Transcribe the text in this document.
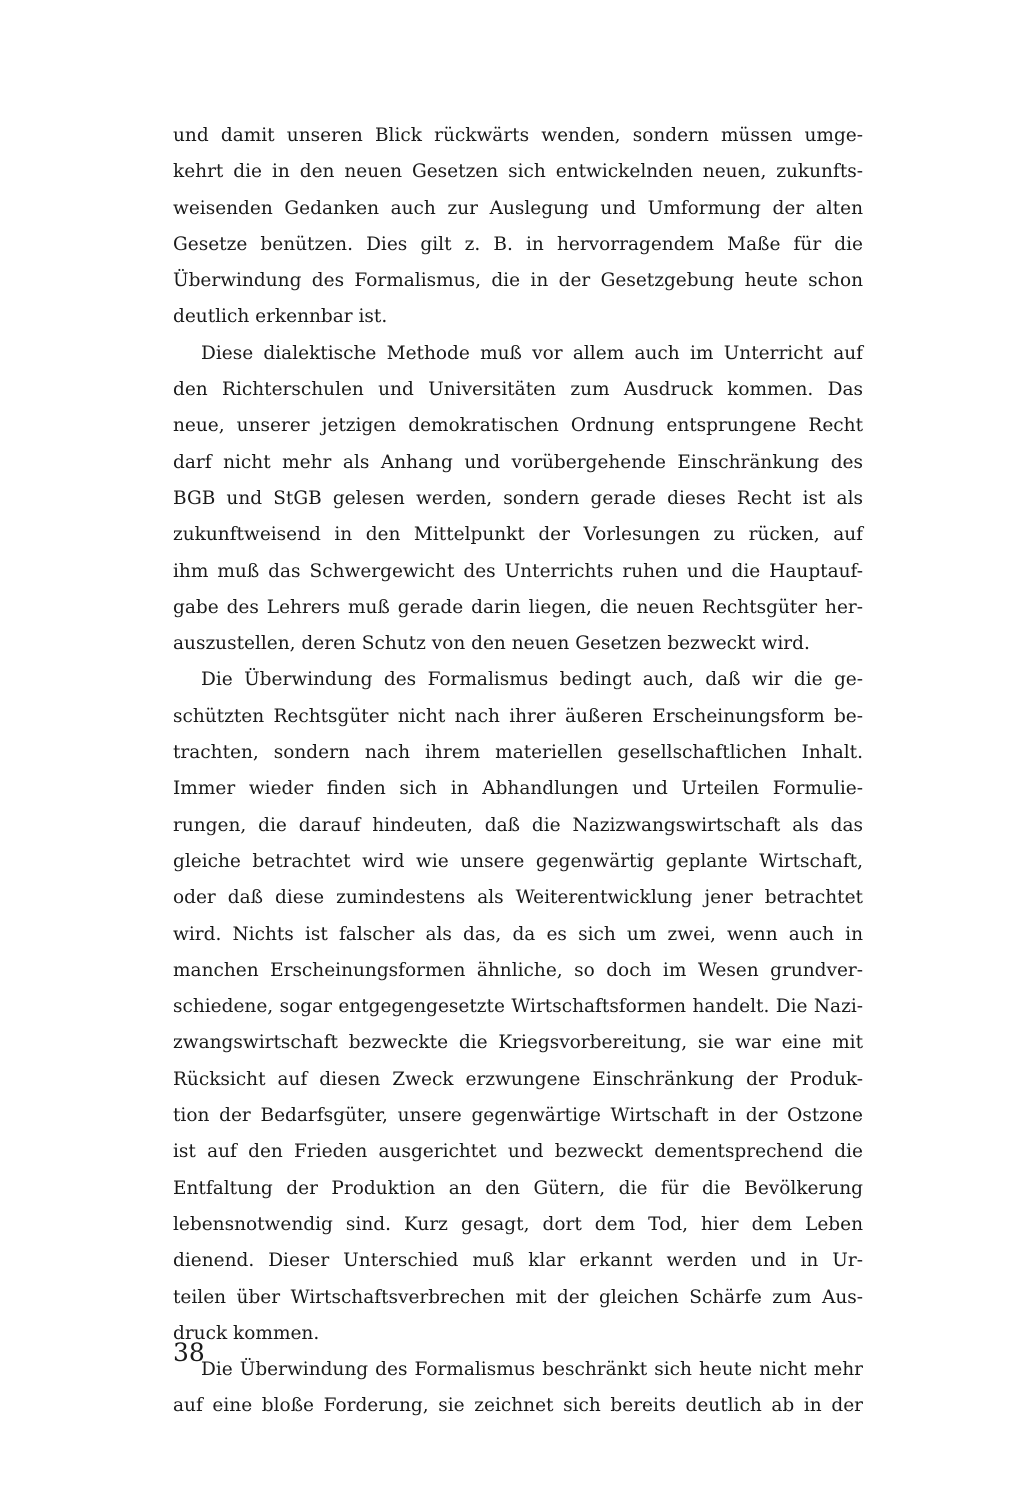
und damit unseren Blick rückwärts wenden, sondern müssen umge-
kehrt die in den neuen Gesetzen sich entwickelnden neuen, zukunfts-
weisenden Gedanken auch zur Auslegung und Umformung der alten
Gesetze benützen. Dies gilt z. B. in hervorragendem Maße für die
Überwindung des Formalismus, die in der Gesetzgebung heute schon
deutlich erkennbar ist.
Diese dialektische Methode muß vor allem auch im Unterricht auf
den Richterschulen und Universitäten zum Ausdruck kommen. Das
neue, unserer jetzigen demokratischen Ordnung entsprungene Recht
darf nicht mehr als Anhang und vorübergehende Einschränkung des
BGB und StGB gelesen werden, sondern gerade dieses Recht ist als
zukunftweisend in den Mittelpunkt der Vorlesungen zu rücken, auf
ihm muß das Schwergewicht des Unterrichts ruhen und die Hauptauf-
gabe des Lehrers muß gerade darin liegen, die neuen Rechtsgüter her-
auszustellen, deren Schutz von den neuen Gesetzen bezweckt wird.
Die Überwindung des Formalismus bedingt auch, daß wir die ge-
schützten Rechtsgüter nicht nach ihrer äußeren Erscheinungsform be-
trachten, sondern nach ihrem materiellen gesellschaftlichen Inhalt.
Immer wieder finden sich in Abhandlungen und Urteilen Formulie-
rungen, die darauf hindeuten, daß die Nazizwangswirtschaft als das
gleiche betrachtet wird wie unsere gegenwärtig geplante Wirtschaft,
oder daß diese zumindestens als Weiterentwicklung jener betrachtet
wird. Nichts ist falscher als das, da es sich um zwei, wenn auch in
manchen Erscheinungsformen ähnliche, so doch im Wesen grundver-
schiedene, sogar entgegengesetzte Wirtschaftsformen handelt. Die Nazi-
zwangswirtschaft bezweckte die Kriegsvorbereitung, sie war eine mit
Rücksicht auf diesen Zweck erzwungene Einschränkung der Produk-
tion der Bedarfsgüter, unsere gegenwärtige Wirtschaft in der Ostzone
ist auf den Frieden ausgerichtet und bezweckt dementsprechend die
Entfaltung der Produktion an den Gütern, die für die Bevölkerung
lebensnotwendig sind. Kurz gesagt, dort dem Tod, hier dem Leben
dienend. Dieser Unterschied muß klar erkannt werden und in Ur-
teilen über Wirtschaftsverbrechen mit der gleichen Schärfe zum Aus-
druck kommen.
Die Überwindung des Formalismus beschränkt sich heute nicht mehr
auf eine bloße Forderung, sie zeichnet sich bereits deutlich ab in der
38
